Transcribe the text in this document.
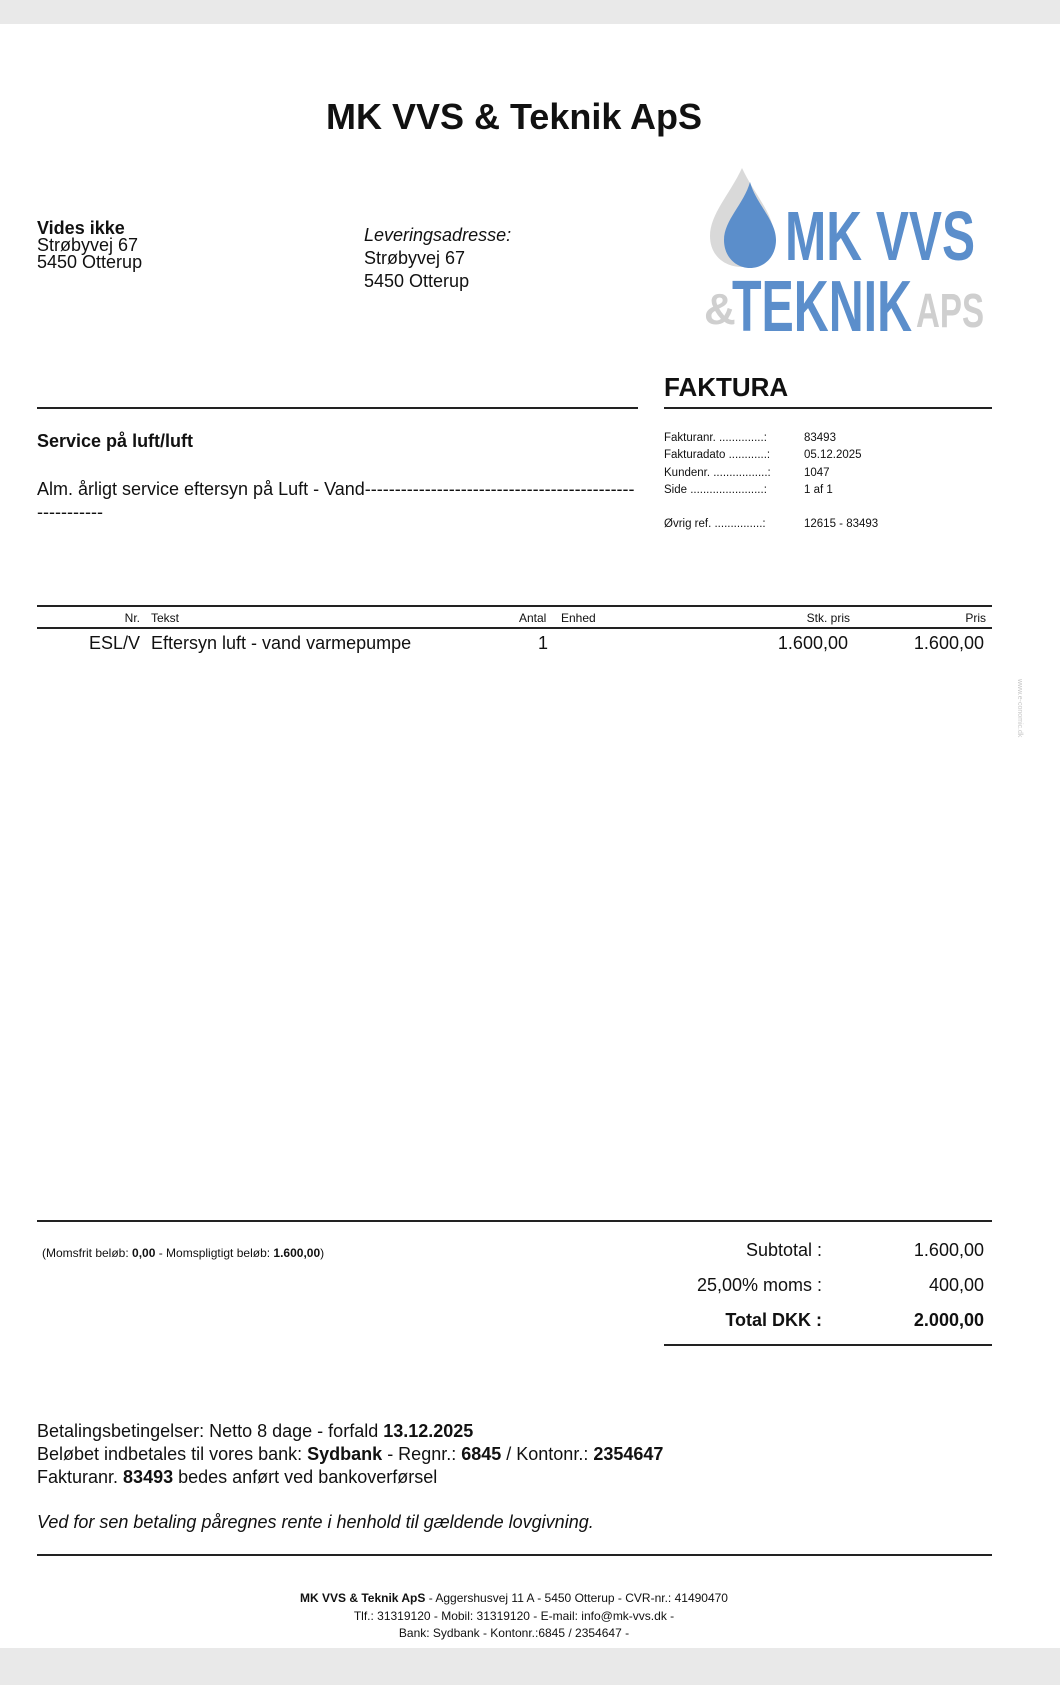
MK VVS & Teknik ApS
Vides ikke
Strøbyvej 67
5450 Otterup
Leveringsadresse:
Strøbyvej 67
5450 Otterup
MK VVS
&
TEKNIK APS
FAKTURA
Service på luft/luft
Alm. årligt service eftersyn på Luft - Vand--------------------------------------------------------
Fakturanr. ..............:	83493
Fakturadato ............:	05.12.2025
Kundenr. .................:	1047
Side .......................:	1 af 1
Øvrig ref. ...............:	12615 - 83493
Nr. Tekst	Antal Enhed	Stk. pris	Pris
ESL/V Eftersyn luft - vand varmepumpe	1	1.600,00	1.600,00
www.e-conomic.dk
(Momsfrit beløb: 0,00 - Momspligtigt beløb: 1.600,00)	Subtotal :	1.600,00
25,00% moms :	400,00
Total DKK :	2.000,00
Betalingsbetingelser: Netto 8 dage - forfald 13.12.2025
Beløbet indbetales til vores bank: Sydbank - Regnr.: 6845 / Kontonr.: 2354647
Fakturanr. 83493 bedes anført ved bankoverførsel
Ved for sen betaling påregnes rente i henhold til gældende lovgivning.
MK VVS & Teknik ApS - Aggershusvej 11 A - 5450 Otterup - CVR-nr.: 41490470
Tlf.: 31319120 - Mobil: 31319120 - E-mail: info@mk-vvs.dk -
Bank: Sydbank - Kontonr.:6845 / 2354647 -
